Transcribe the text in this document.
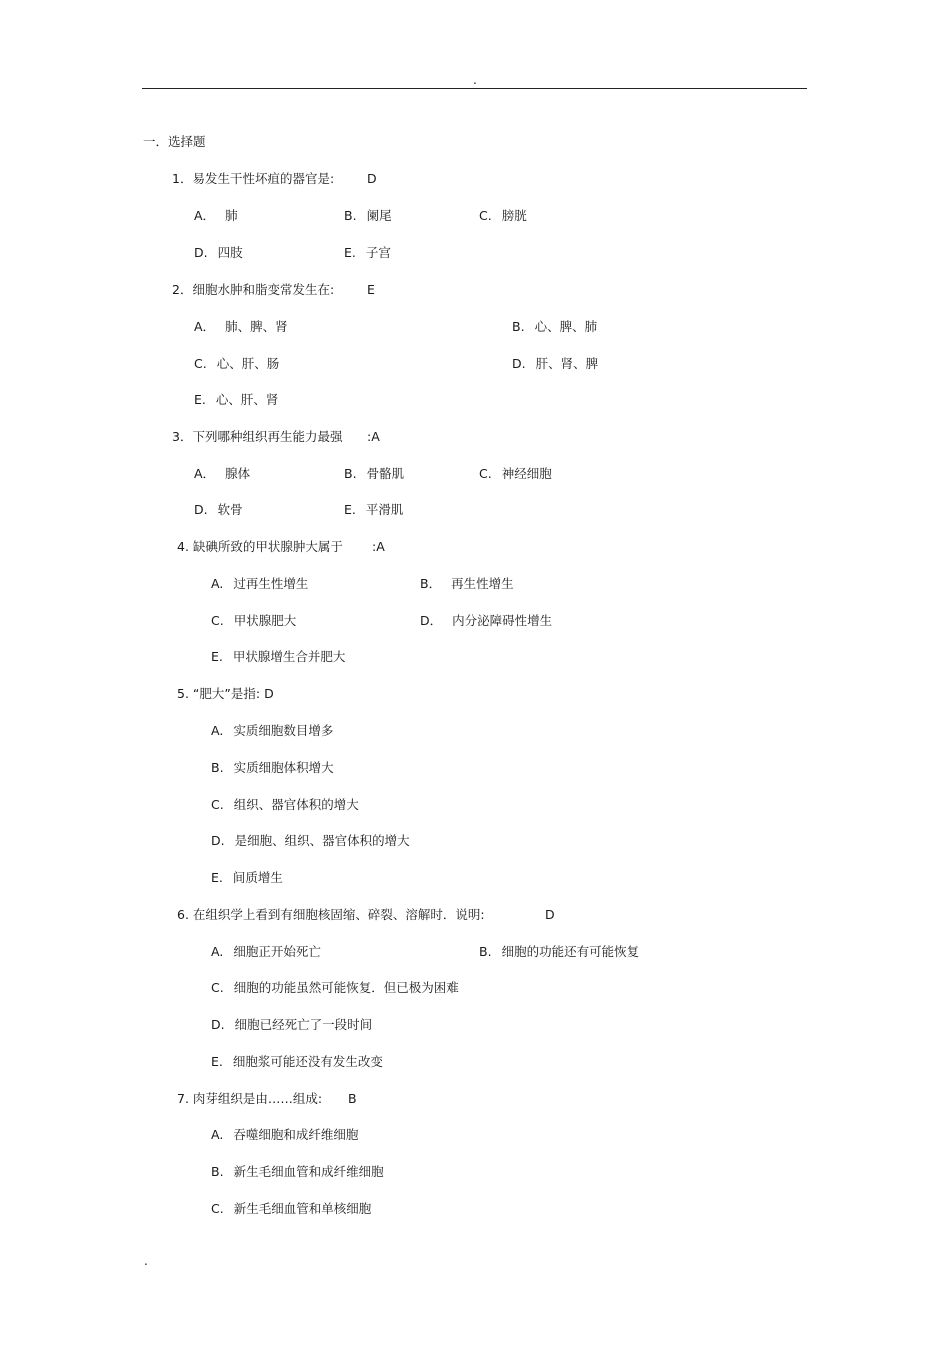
.
一．选择题
1．易发生干性坏疽的器官是:	D
A． 肺	B. 阑尾	C. 膀胱
D. 四肢	E. 子宫
2．细胞水肿和脂变常发生在:	E
A． 肺、脾、肾	B. 心、脾、肺
C. 心、肝、肠	D. 肝、肾、脾
E. 心、肝、肾
3．下列哪种组织再生能力最强 :A
A． 腺体	B. 骨骼肌	C. 神经细胞
D. 软骨	E. 平滑肌
4. 缺碘所致的甲状腺肿大属于 :A
A. 过再生性增生	B． 再生性增生
C. 甲状腺肥大	D． 内分泌障碍性增生
E. 甲状腺增生合并肥大
5. “肥大”是指: D
A. 实质细胞数目增多
B. 实质细胞体积增大
C. 组织、器官体积的增大
D. 是细胞、组织、器官体积的增大
E. 间质增生
6. 在组织学上看到有细胞核固缩、碎裂、溶解时．说明:	D
A. 细胞正开始死亡	B. 细胞的功能还有可能恢复
C. 细胞的功能虽然可能恢复．但已极为困难
D. 细胞已经死亡了一段时间
E. 细胞浆可能还没有发生改变
7. 肉芽组织是由……组成: B
A. 吞噬细胞和成纤维细胞
B. 新生毛细血管和成纤维细胞
C. 新生毛细血管和单核细胞
.
